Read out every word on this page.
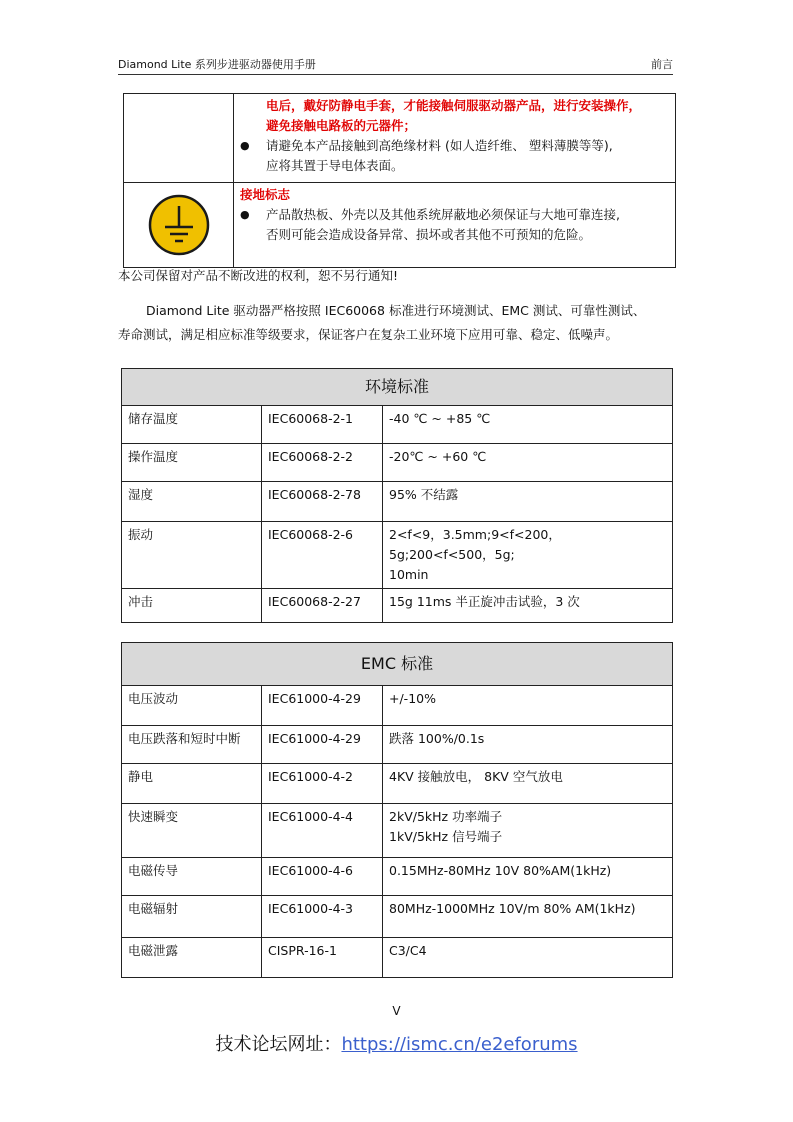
Diamond Lite 系列步进驱动器使用手册	前言

	电后，戴好防静电手套，才能接触伺服驱动器产品，进行安装操作，
避免接触电路板的元器件；
● 请避免本产品接触到高绝缘材料 (如人造纤维、 塑料薄膜等等),
应将其置于导电体表面。

接地标志
● 产品散热板、外壳以及其他系统屏蔽地必须保证与大地可靠连接,
否则可能会造成设备异常、损坏或者其他不可预知的危险。
本公司保留对产品不断改进的权利，恕不另行通知!
Diamond Lite 驱动器严格按照 IEC60068 标准进行环境测试、EMC 测试、可靠性测试、
寿命测试，满足相应标准等级要求，保证客户在复杂工业环境下应用可靠、稳定、低噪声。
环境标准		
储存温度	IEC60068-2-1	-40 ℃ ~ +85 ℃
操作温度	IEC60068-2-2	-20℃ ~ +60 ℃
湿度	IEC60068-2-78	95% 不结露
振动	IEC60068-2-6	2<f<9，3.5mm;9<f<200，5g;200<f<500，5g;
10min

冲击	IEC60068-2-27	15g 11ms 半正旋冲击试验，3 次
EMC 标准		
电压波动	IEC61000-4-29	+/-10%
电压跌落和短时中断	IEC61000-4-29	跌落 100%/0.1s
静电	IEC61000-4-2	4KV 接触放电， 8KV 空气放电
快速瞬变	IEC61000-4-4	2kV/5kHz 功率端子
1kV/5kHz 信号端子

电磁传导	IEC61000-4-6	0.15MHz-80MHz 10V 80%AM(1kHz)
电磁辐射	IEC61000-4-3	80MHz-1000MHz 10V/m 80% AM(1kHz)
电磁泄露	CISPR-16-1	C3/C4
V
技术论坛网址：https://ismc.cn/e2eforums
